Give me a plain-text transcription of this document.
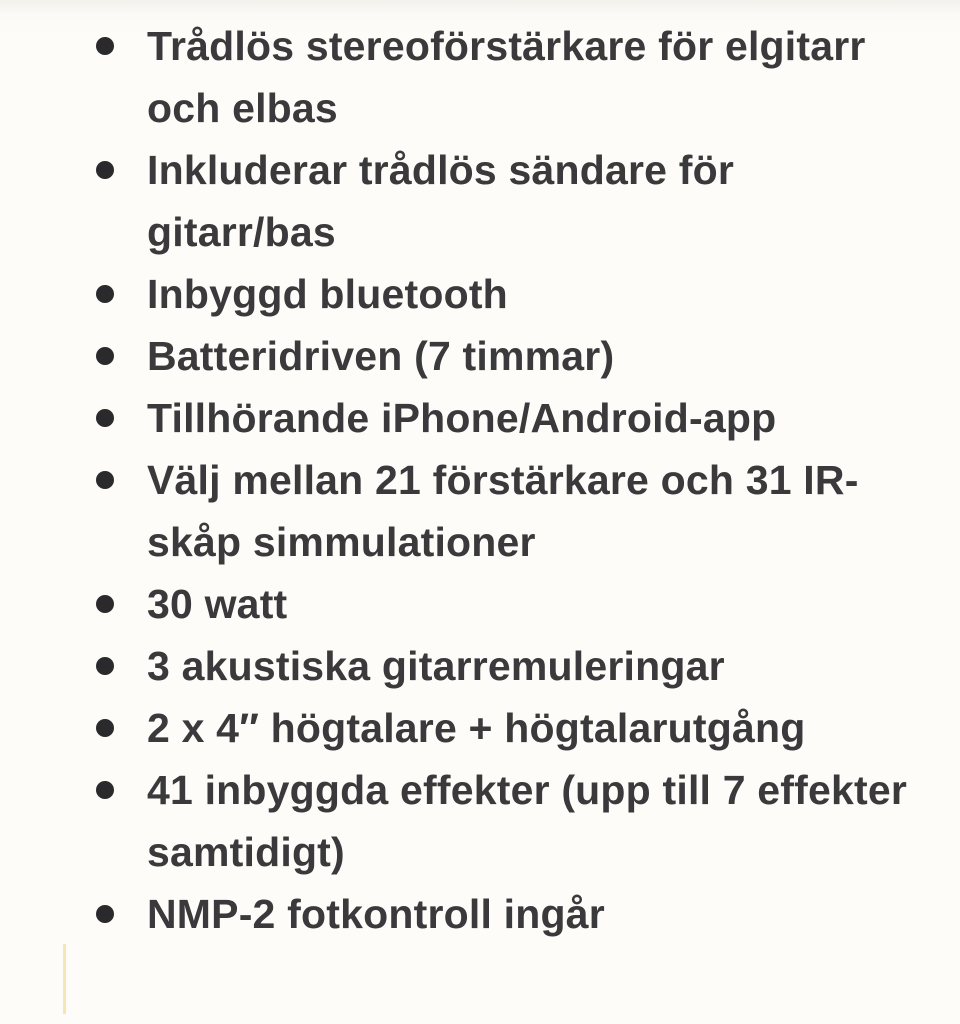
Trådlös stereoförstärkare för elgitarr och elbas
Inkluderar trådlös sändare för gitarr/bas
Inbyggd bluetooth
Batteridriven (7 timmar)
Tillhörande iPhone/Android-app
Välj mellan 21 förstärkare och 31 IR-skåp simmulationer
30 watt
3 akustiska gitarremuleringar
2 x 4″ högtalare + högtalarutgång
41 inbyggda effekter (upp till 7 effekter samtidigt)
NMP-2 fotkontroll ingår
